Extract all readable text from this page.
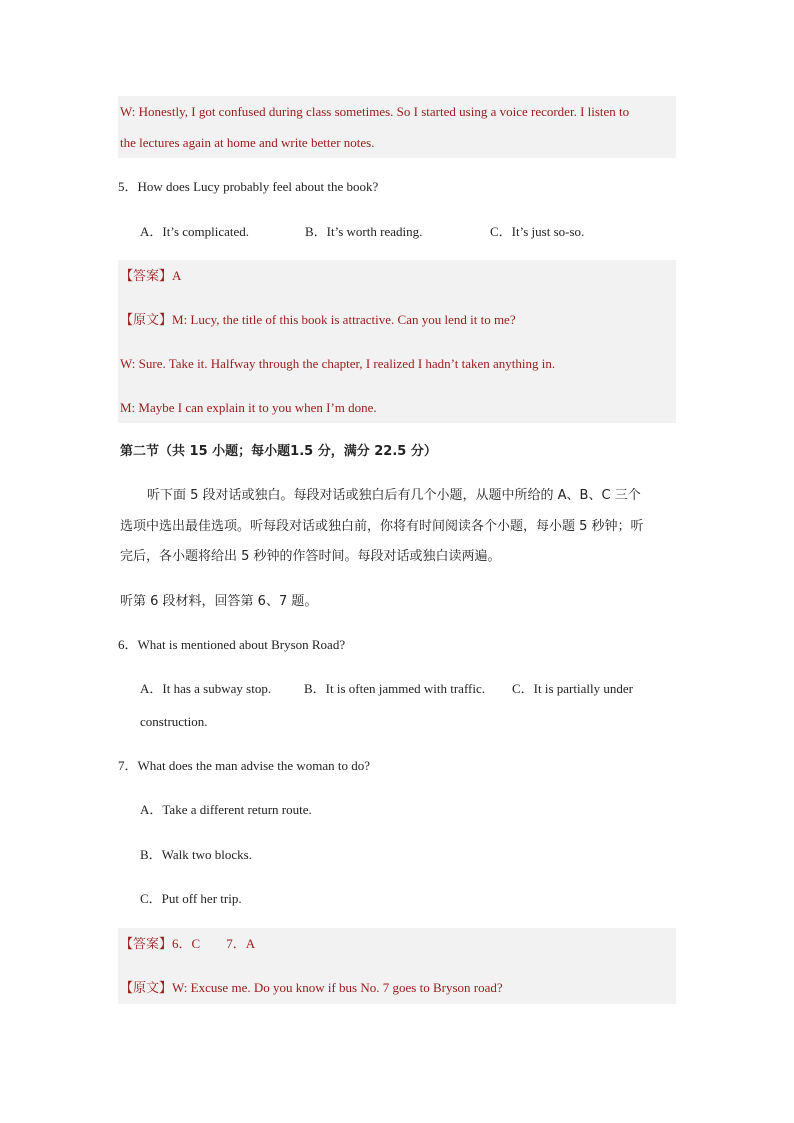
W: Honestly, I got confused during class sometimes. So I started using a voice recorder. I listen to
the lectures again at home and write better notes.
5．How does Lucy probably feel about the book?
A．It’s complicated.	B．It’s worth reading.	C．It’s just so-so.
【答案】A
【原文】M: Lucy, the title of this book is attractive. Can you lend it to me?
W: Sure. Take it. Halfway through the chapter, I realized I hadn’t taken anything in.
M: Maybe I can explain it to you when I’m done.
第二节（共 15 小题；每小题1.5 分，满分 22.5 分）
听下面 5 段对话或独白。每段对话或独白后有几个小题，从题中所给的 A、B、C 三个
选项中选出最佳选项。听每段对话或独白前，你将有时间阅读各个小题，每小题 5 秒钟；听
完后，各小题将给出 5 秒钟的作答时间。每段对话或独白读两遍。
听第 6 段材料，回答第 6、7 题。
6．What is mentioned about Bryson Road?
A．It has a subway stop.	B．It is often jammed with traffic. C．It is partially under
construction.
7．What does the man advise the woman to do?
A．Take a different return route.
B．Walk two blocks.
C．Put off her trip.
【答案】6．C 7．A
【原文】W: Excuse me. Do you know if bus No. 7 goes to Bryson road?
